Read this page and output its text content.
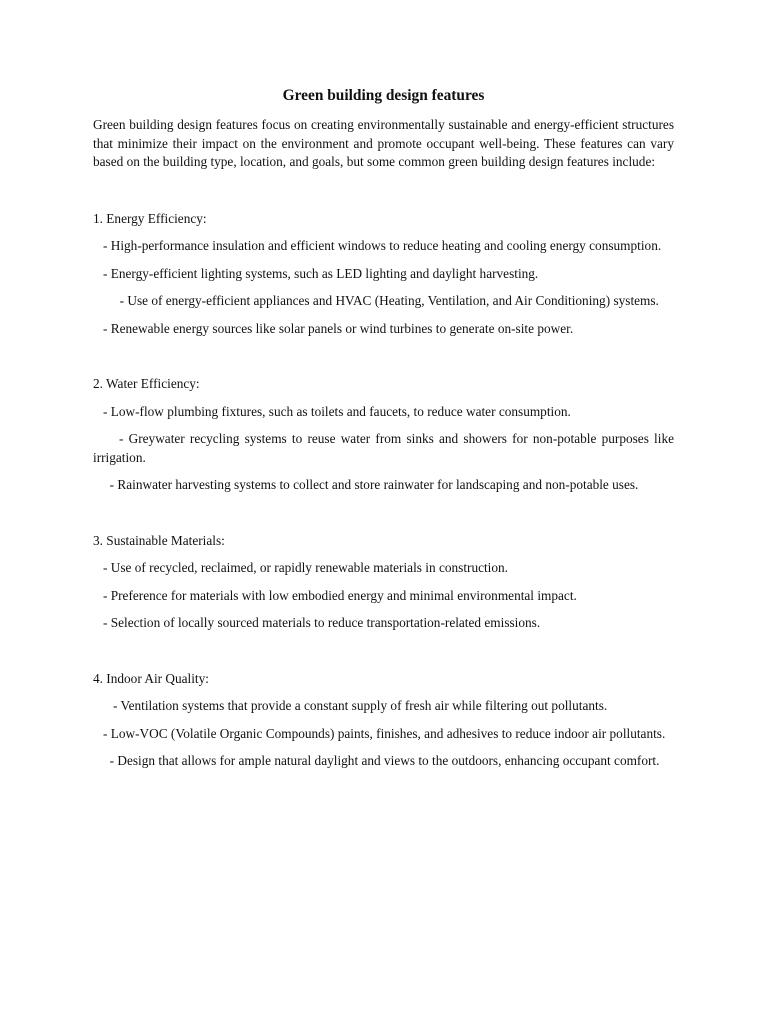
Green building design features

Green building design features focus on creating environmentally sustainable and energy-efficient structures that minimize their impact on the environment and promote occupant well-being. These features can vary based on the building type, location, and goals, but some common green building design features include:

1. Energy Efficiency:

- High-performance insulation and efficient windows to reduce heating and cooling energy consumption.

- Energy-efficient lighting systems, such as LED lighting and daylight harvesting.

- Use of energy-efficient appliances and HVAC (Heating, Ventilation, and Air Conditioning) systems.

- Renewable energy sources like solar panels or wind turbines to generate on-site power.

2. Water Efficiency:

- Low-flow plumbing fixtures, such as toilets and faucets, to reduce water consumption.

- Greywater recycling systems to reuse water from sinks and showers for non-potable purposes like irrigation.

- Rainwater harvesting systems to collect and store rainwater for landscaping and non-potable uses.

3. Sustainable Materials:

- Use of recycled, reclaimed, or rapidly renewable materials in construction.

- Preference for materials with low embodied energy and minimal environmental impact.

- Selection of locally sourced materials to reduce transportation-related emissions.

4. Indoor Air Quality:

- Ventilation systems that provide a constant supply of fresh air while filtering out pollutants.

- Low-VOC (Volatile Organic Compounds) paints, finishes, and adhesives to reduce indoor air pollutants.

- Design that allows for ample natural daylight and views to the outdoors, enhancing occupant comfort.
